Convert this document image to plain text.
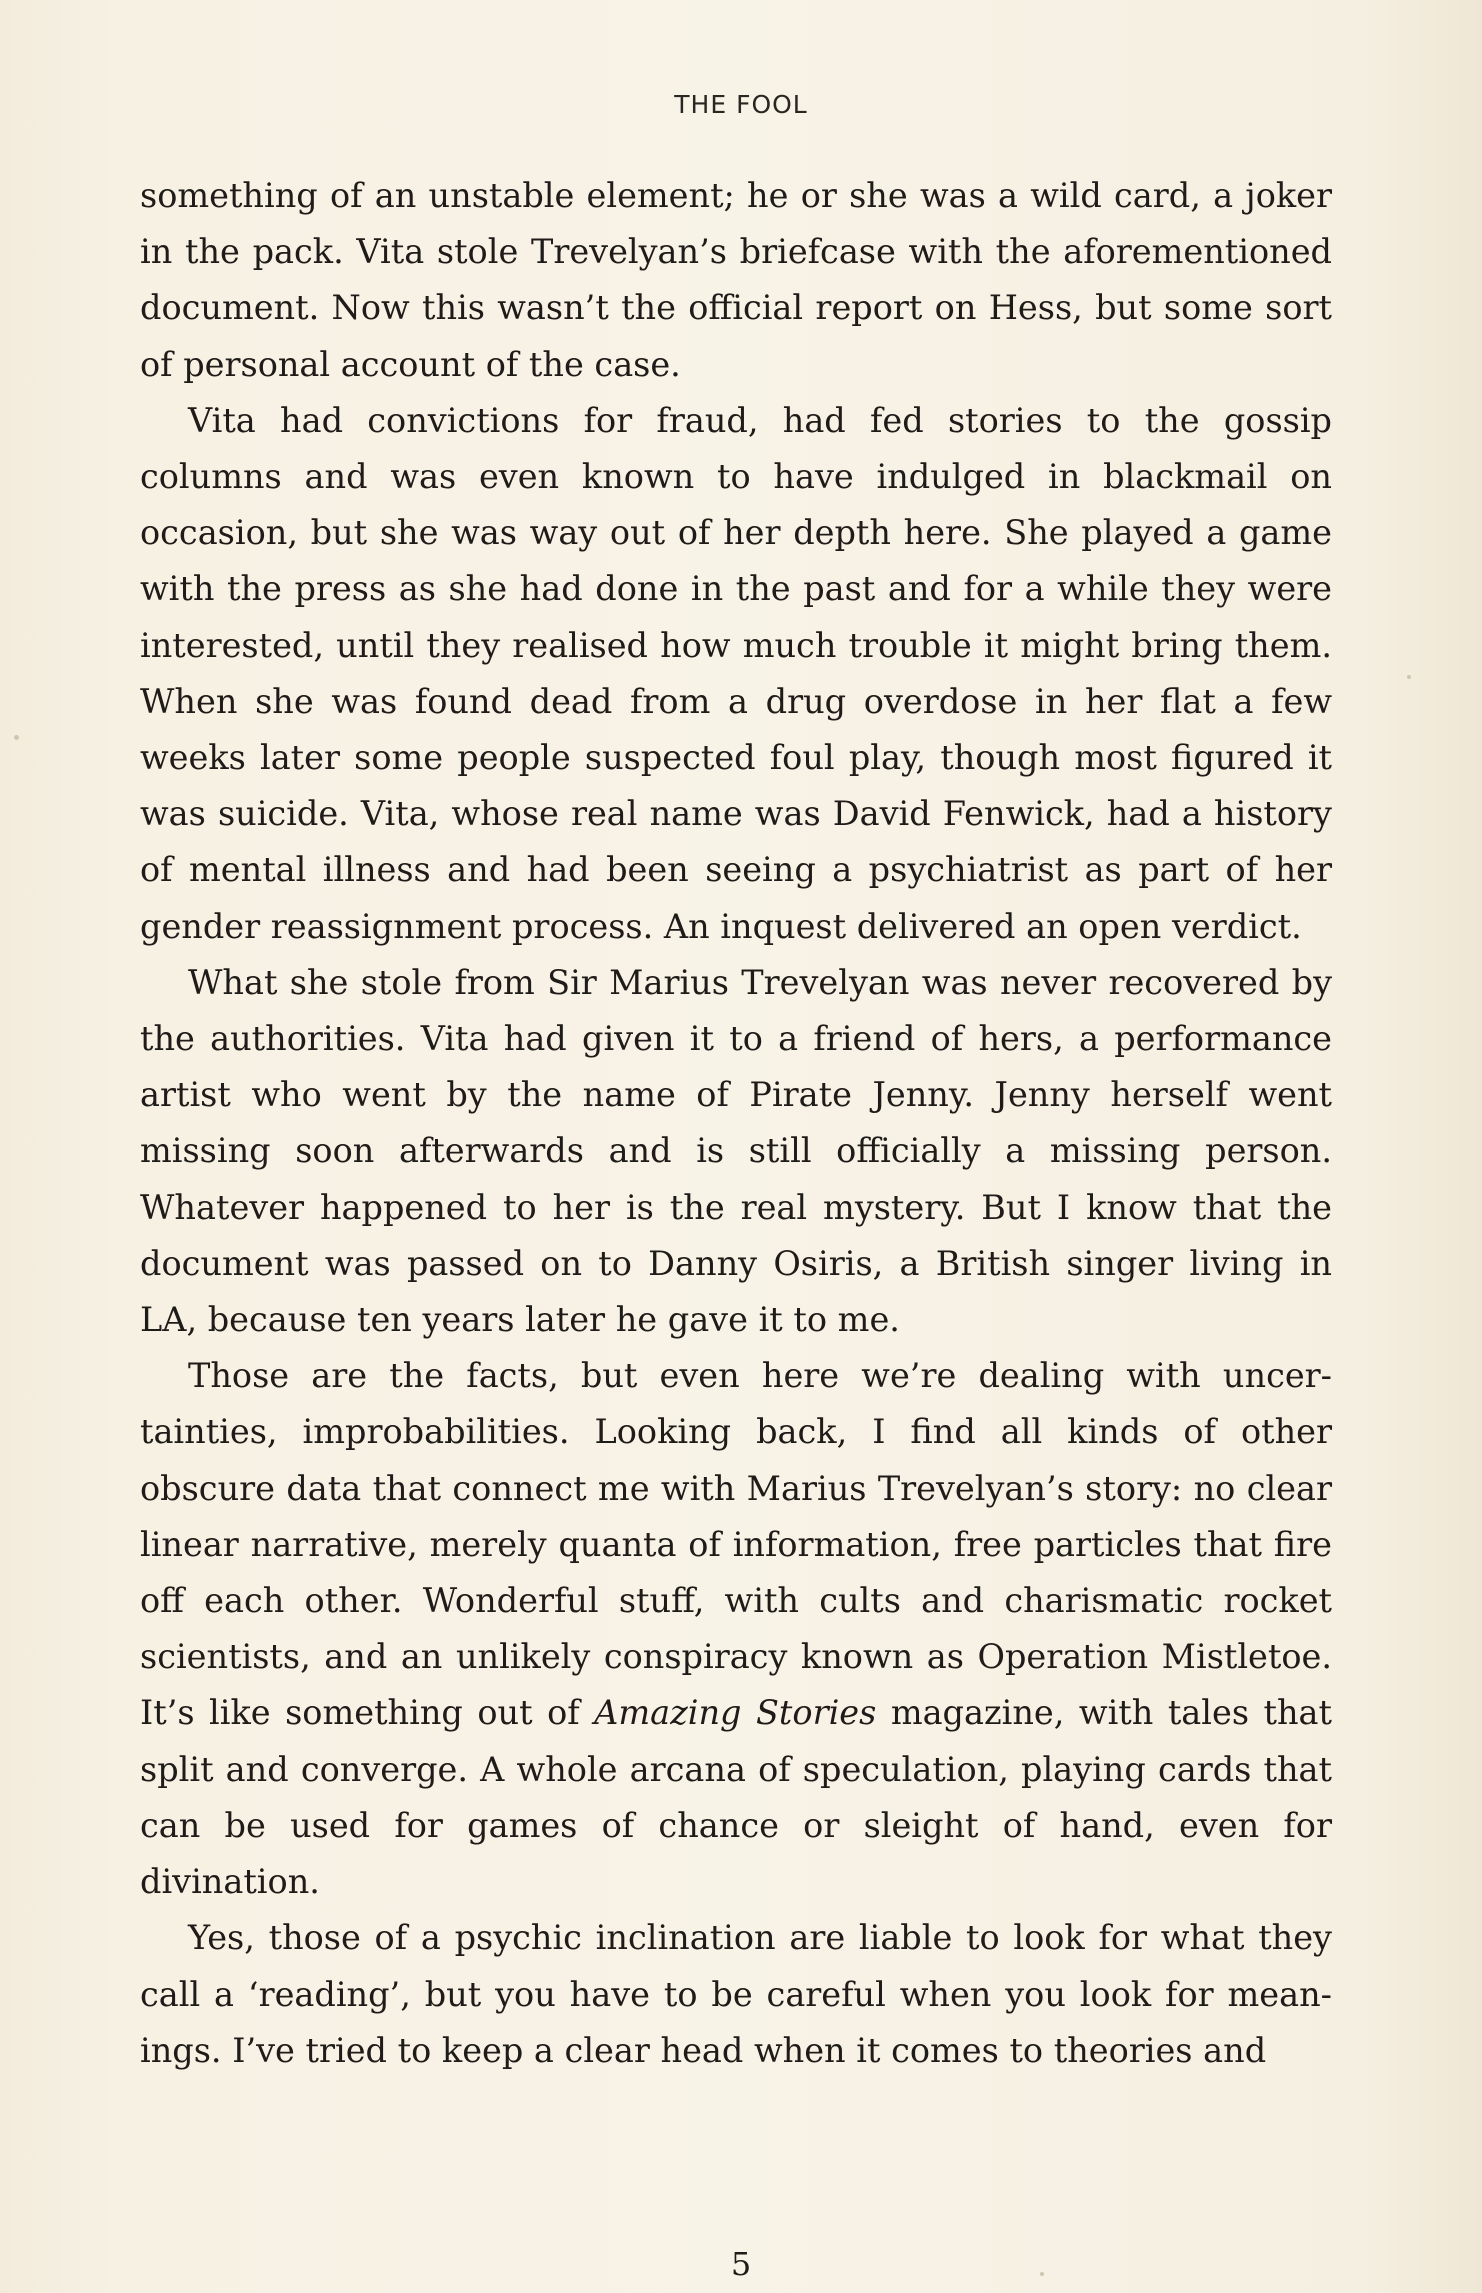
THE FOOL

something of an unstable element; he or she was a wild card, a joker in the pack. Vita stole Trevelyan’s briefcase with the aforementioned document. Now this wasn’t the official report on Hess, but some sort of personal account of the case.

Vita had convictions for fraud, had fed stories to the gossip columns and was even known to have indulged in blackmail on occasion, but she was way out of her depth here. She played a game with the press as she had done in the past and for a while they were interested, until they realised how much trouble it might bring them. When she was found dead from a drug overdose in her flat a few weeks later some people suspected foul play, though most figured it was suicide. Vita, whose real name was David Fenwick, had a history of mental illness and had been seeing a psychiatrist as part of her gender reassignment process. An inquest delivered an open verdict.

What she stole from Sir Marius Trevelyan was never recovered by the authorities. Vita had given it to a friend of hers, a performance artist who went by the name of Pirate Jenny. Jenny herself went missing soon afterwards and is still officially a missing person. Whatever happened to her is the real mystery. But I know that the document was passed on to Danny Osiris, a British singer living in LA, because ten years later he gave it to me.

Those are the facts, but even here we’re dealing with uncertainties, improbabilities. Looking back, I find all kinds of other obscure data that connect me with Marius Trevelyan’s story: no clear linear narrative, merely quanta of information, free particles that fire off each other. Wonderful stuff, with cults and charismatic rocket scientists, and an unlikely conspiracy known as Operation Mistletoe. It’s like something out of Amazing Stories magazine, with tales that split and converge. A whole arcana of speculation, playing cards that can be used for games of chance or sleight of hand, even for divination.

Yes, those of a psychic inclination are liable to look for what they call a ‘reading’, but you have to be careful when you look for meanings. I’ve tried to keep a clear head when it comes to theories and

5
